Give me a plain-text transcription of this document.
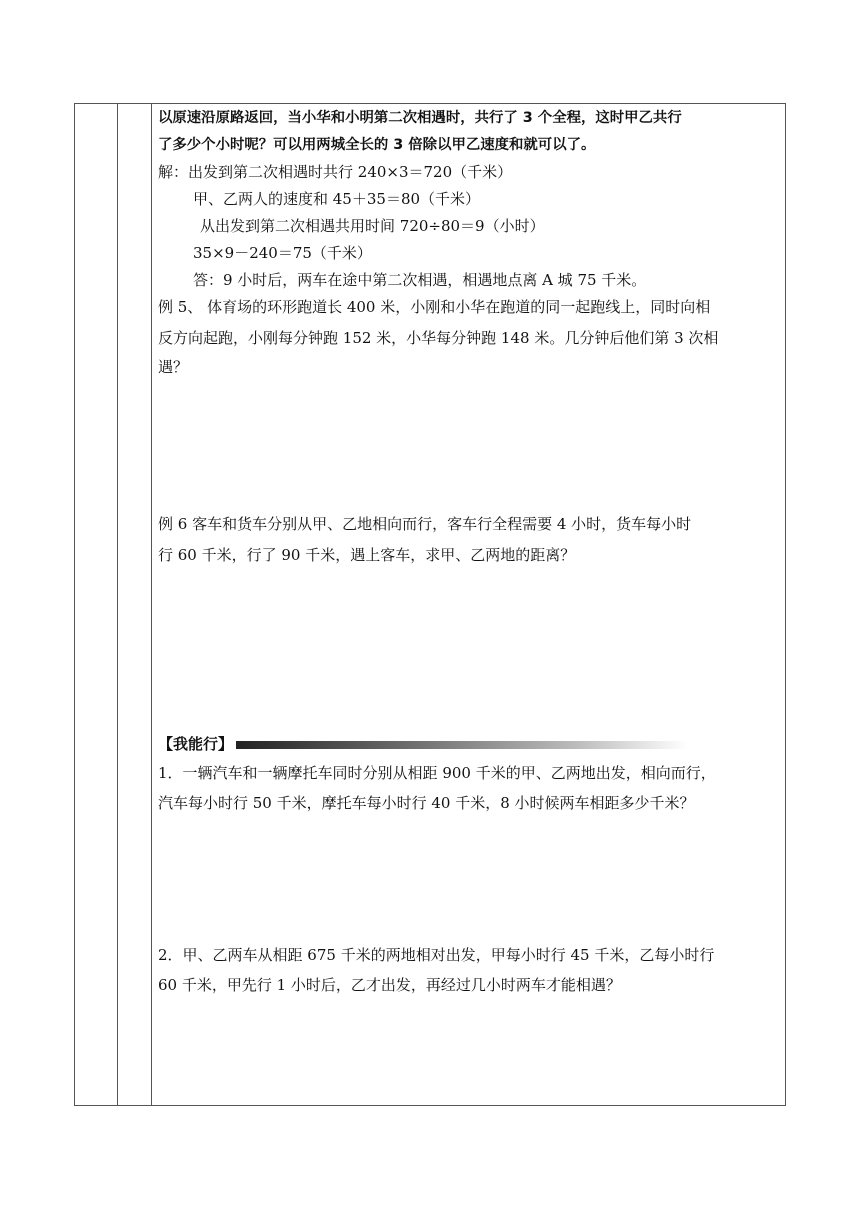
以原速沿原路返回，当小华和小明第二次相遇时，共行了 3 个全程，这时甲乙共行
了多少个小时呢？可以用两城全长的 3 倍除以甲乙速度和就可以了。
解：出发到第二次相遇时共行 240×3＝720（千米）
甲、乙两人的速度和 45＋35＝80（千米）
从出发到第二次相遇共用时间 720÷80＝9（小时）
35×9－240＝75（千米）
答：9 小时后，两车在途中第二次相遇，相遇地点离 A 城 75 千米。
例 5、 体育场的环形跑道长 400 米，小刚和小华在跑道的同一起跑线上，同时向相
反方向起跑，小刚每分钟跑 152 米，小华每分钟跑 148 米。几分钟后他们第 3 次相
遇？
例 6 客车和货车分别从甲、乙地相向而行，客车行全程需要 4 小时，货车每小时
行 60 千米，行了 90 千米，遇上客车，求甲、乙两地的距离？
【我能行】
1．一辆汽车和一辆摩托车同时分别从相距 900 千米的甲、乙两地出发，相向而行，
汽车每小时行 50 千米，摩托车每小时行 40 千米，8 小时候两车相距多少千米？
2．甲、乙两车从相距 675 千米的两地相对出发，甲每小时行 45 千米，乙每小时行
60 千米，甲先行 1 小时后，乙才出发，再经过几小时两车才能相遇？
